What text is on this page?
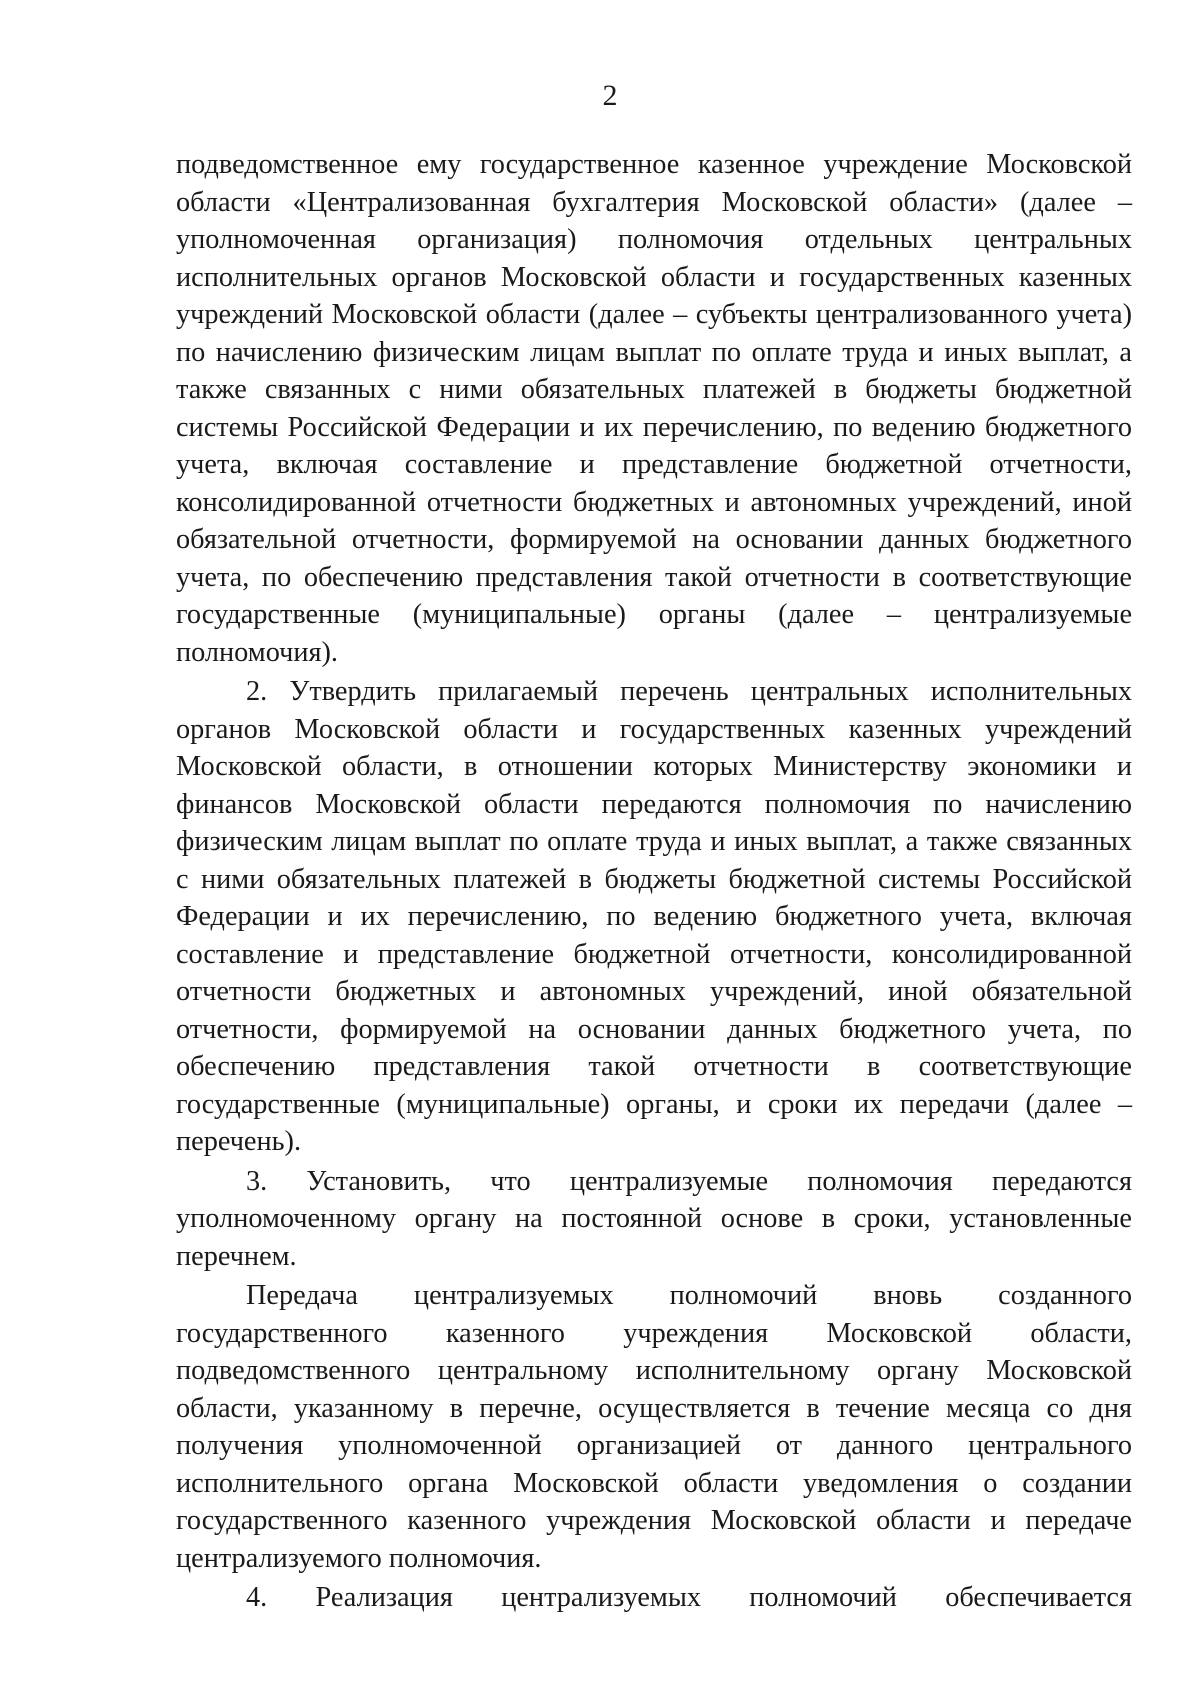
2

подведомственное ему государственное казенное учреждение Московской области «Централизованная бухгалтерия Московской области» (далее – уполномоченная организация) полномочия отдельных центральных исполнительных органов Московской области и государственных казенных учреждений Московской области (далее – субъекты централизованного учета) по начислению физическим лицам выплат по оплате труда и иных выплат, а также связанных с ними обязательных платежей в бюджеты бюджетной системы Российской Федерации и их перечислению, по ведению бюджетного учета, включая составление и представление бюджетной отчетности, консолидированной отчетности бюджетных и автономных учреждений, иной обязательной отчетности, формируемой на основании данных бюджетного учета, по обеспечению представления такой отчетности в соответствующие государственные (муниципальные) органы (далее – централизуемые полномочия).

2. Утвердить прилагаемый перечень центральных исполнительных органов Московской области и государственных казенных учреждений Московской области, в отношении которых Министерству экономики и финансов Московской области передаются полномочия по начислению физическим лицам выплат по оплате труда и иных выплат, а также связанных с ними обязательных платежей в бюджеты бюджетной системы Российской Федерации и их перечислению, по ведению бюджетного учета, включая составление и представление бюджетной отчетности, консолидированной отчетности бюджетных и автономных учреждений, иной обязательной отчетности, формируемой на основании данных бюджетного учета, по обеспечению представления такой отчетности в соответствующие государственные (муниципальные) органы, и сроки их передачи (далее – перечень).

3. Установить, что централизуемые полномочия передаются уполномоченному органу на постоянной основе в сроки, установленные перечнем.

Передача централизуемых полномочий вновь созданного государственного казенного учреждения Московской области, подведомственного центральному исполнительному органу Московской области, указанному в перечне, осуществляется в течение месяца со дня получения уполномоченной организацией от данного центрального исполнительного органа Московской области уведомления о создании государственного казенного учреждения Московской области и передаче централизуемого полномочия.

4. Реализация централизуемых полномочий обеспечивается
